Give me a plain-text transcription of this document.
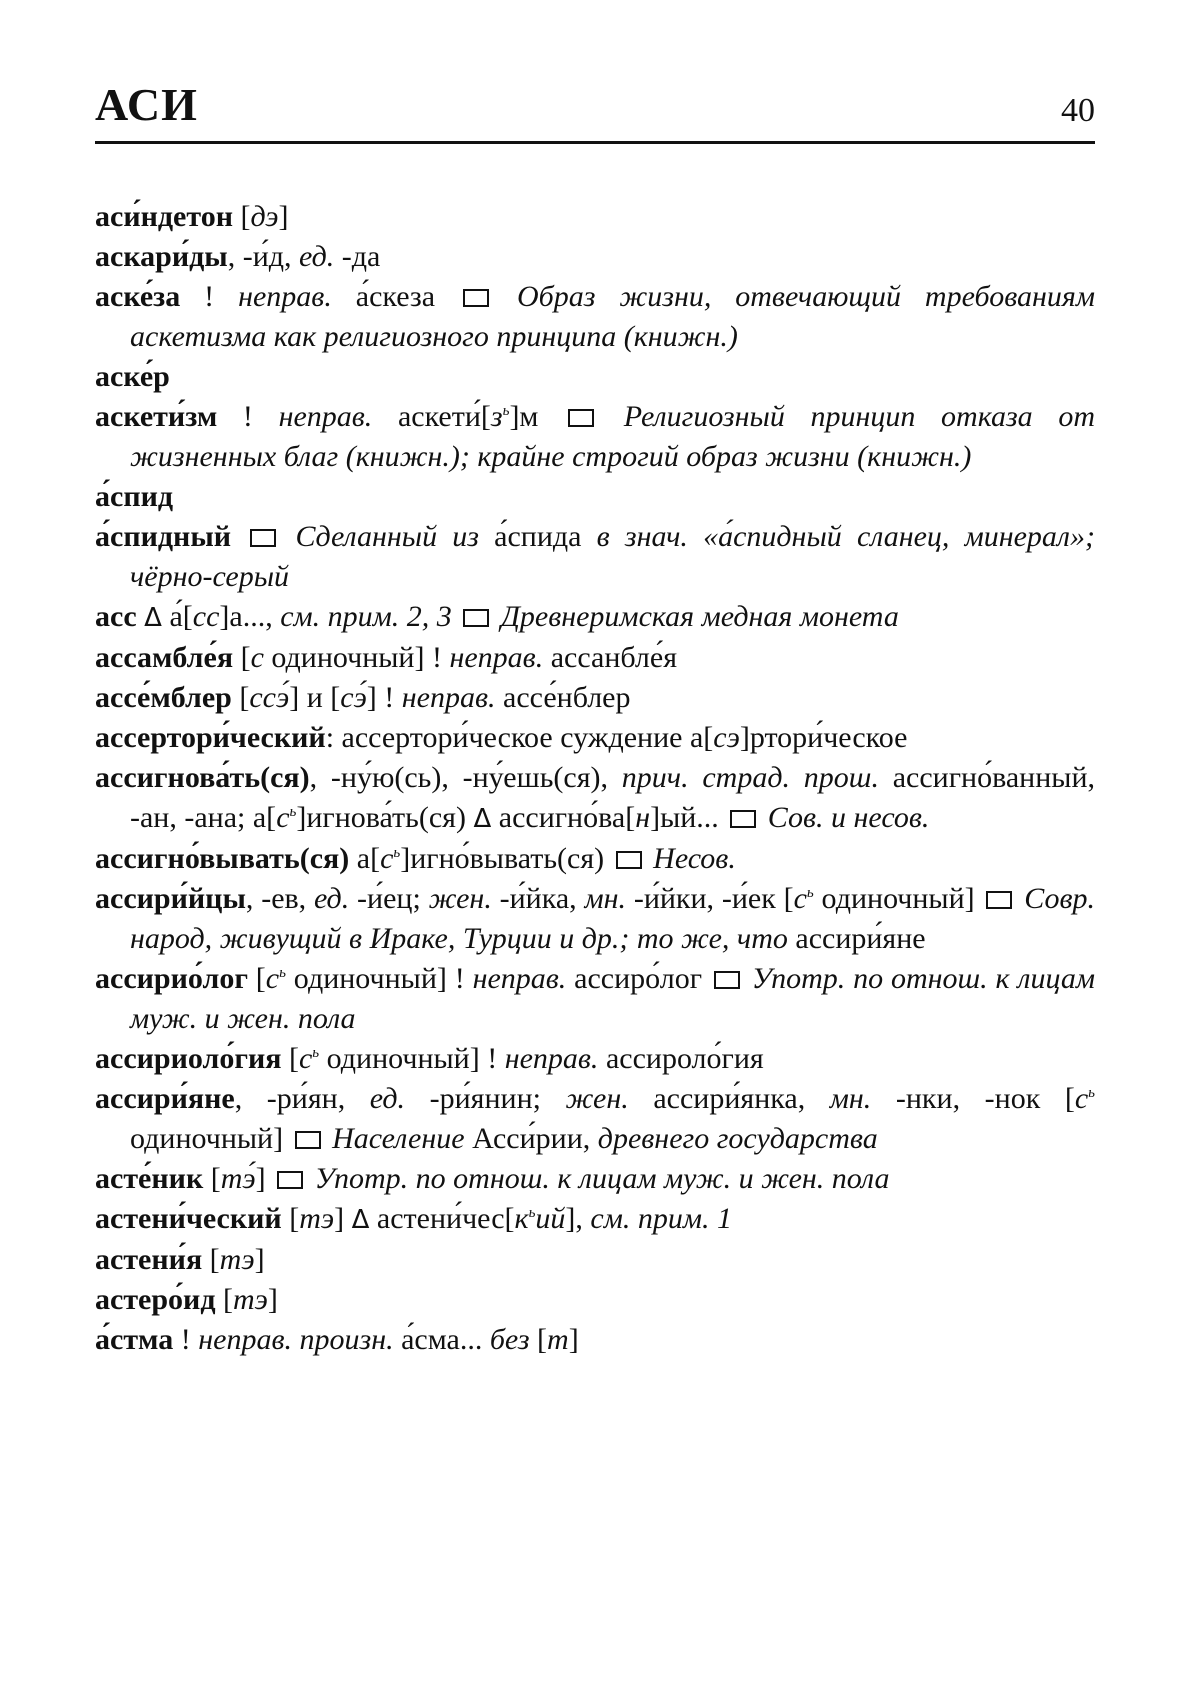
АСИ	40

аси́ндетон [дэ]

аскари́ды, -и́д, ед. -да

аске́за ! неправ. а́скеза	Образ жизни, отвечающий требованиям аскетизма как религиозного принципа (книжн.)

аске́р

аскети́зм ! неправ. $аскети́[з^ь]м$	Религиозный принцип отказа от жизненных благ (книжн.); крайне строгий образ жизни (книжн.)

а́спид

а́спидный Сделанный из а́спида в знач. «а́спидный сланец, минерал»; чёрно-серый

асс Δ а́[сс]а..., см. прим. 2, 3 Древнеримская медная монета

ассамбле́я [с одиночный] ! неправ. ассанбле́я

ассе́мблер [ссэ́] и [сэ́] ! неправ. ассе́нблер

ассертори́ческий: ассертори́ческое суждение а[сэ]ртори́ческое

ассигнова́ть(ся), -ну́ю(сь), -ну́ешь(ся), прич. страд. прош. ассигно́ванный, -ан, -ана; $а[с^ь]игнова́ть(ся)$ Δ ассигно́ва[н]ый... Сов. и несов.

ассигно́вывать(ся) $а[с^ь]игно́вывать(ся)$ Несов.

ассири́йцы, -ев, ед. -и́ец; жен. -и́йка, мн. -и́йки, -и́ек [$с^ь$ одиночный] Совр. народ, живущий в Ираке, Турции и др.; то же, что ассири́яне

ассирио́лог [$с^ь$ одиночный] ! неправ. ассиро́лог Употр. по отнош. к лицам муж. и жен. пола

ассириоло́гия [$с^ь$ одиночный] ! неправ. ассироло́гия

ассири́яне, -ри́ян, ед. -ри́янин; жен. ассири́янка, мн. -нки, -нок [$с^ь$ одиночный] Население Асси́рии, древнего государства

асте́ник [тэ́] Употр. по отнош. к лицам муж. и жен. пола

астени́ческий [тэ] Δ $астени́чес[к^ьий]$, см. прим. 1

астени́я [тэ]

астеро́ид [тэ]

а́стма ! неправ. произн. а́сма... без [т]
